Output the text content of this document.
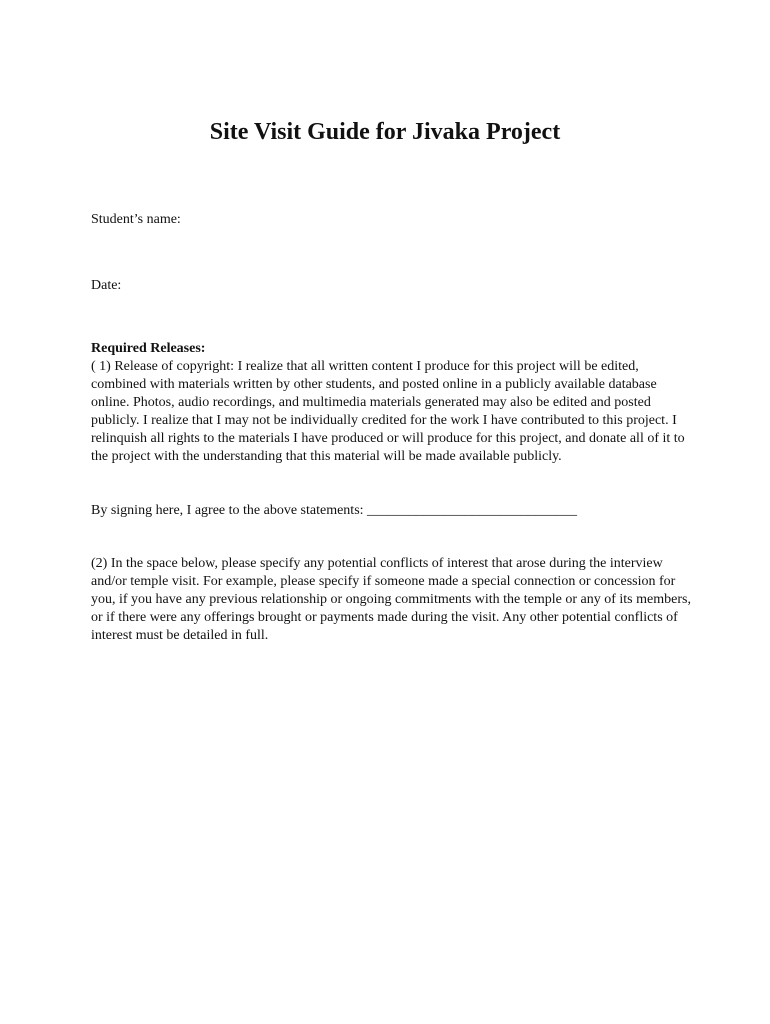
Site Visit Guide for Jivaka Project
Student’s name:
Date:
Required Releases:

( 1) Release of copyright: I realize that all written content I produce for this project will be edited, combined with materials written by other students, and posted online in a publicly available database online. Photos, audio recordings, and multimedia materials generated may also be edited and posted publicly. I realize that I may not be individually credited for the work I have contributed to this project. I relinquish all rights to the materials I have produced or will produce for this project, and donate all of it to the project with the understanding that this material will be made available publicly.

By signing here, I agree to the above statements: ______________________________

(2) In the space below, please specify any potential conflicts of interest that arose during the interview and/or temple visit. For example, please specify if someone made a special connection or concession for you, if you have any previous relationship or ongoing commitments with the temple or any of its members, or if there were any offerings brought or payments made during the visit. Any other potential conflicts of interest must be detailed in full.
